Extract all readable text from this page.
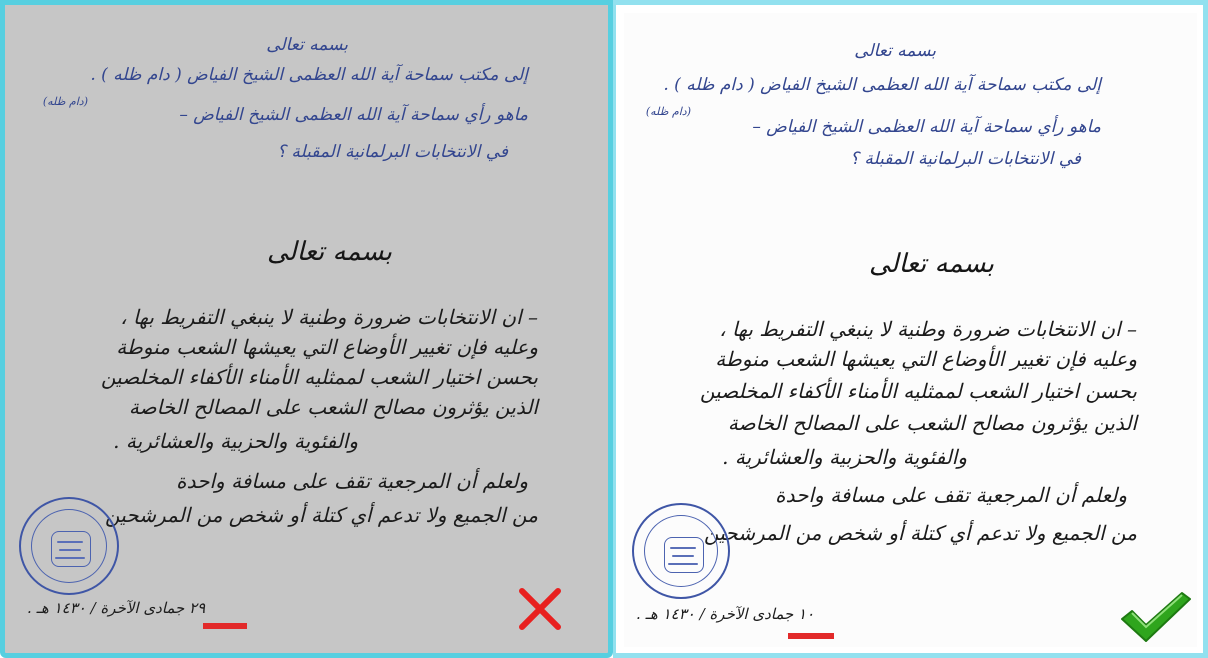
بسمه تعالى
إلى مكتب سماحة آية الله العظمى الشيخ الفياض ( دام ظله ) .
(دام ظله)
ماهو رأي سماحة آية الله العظمى الشيخ الفياض –
في الانتخابات البرلمانية المقبلة ؟
بسمه تعالى
– ان الانتخابات ضرورة وطنية لا ينبغي التفريط بها ،
وعليه فإن تغيير الأوضاع التي يعيشها الشعب منوطة
بحسن اختيار الشعب لممثليه الأمناء الأكفاء المخلصين
الذين يؤثرون مصالح الشعب على المصالح الخاصة
والفئوية والحزبية والعشائرية .
ولعلم أن المرجعية تقف على مسافة واحدة
من الجميع ولا تدعم أي كتلة أو شخص من المرشحين
٢٩ جمادى الآخرة / ١٤٣٠ هـ .
بسمه تعالى
إلى مكتب سماحة آية الله العظمى الشيخ الفياض ( دام ظله ) .
(دام ظله)
ماهو رأي سماحة آية الله العظمى الشيخ الفياض –
في الانتخابات البرلمانية المقبلة ؟
بسمه تعالى
– ان الانتخابات ضرورة وطنية لا ينبغي التفريط بها ،
وعليه فإن تغيير الأوضاع التي يعيشها الشعب منوطة
بحسن اختيار الشعب لممثليه الأمناء الأكفاء المخلصين
الذين يؤثرون مصالح الشعب على المصالح الخاصة
والفئوية والحزبية والعشائرية .
ولعلم أن المرجعية تقف على مسافة واحدة
من الجميع ولا تدعم أي كتلة أو شخص من المرشحين
١٠ جمادى الآخرة / ١٤٣٠ هـ .
